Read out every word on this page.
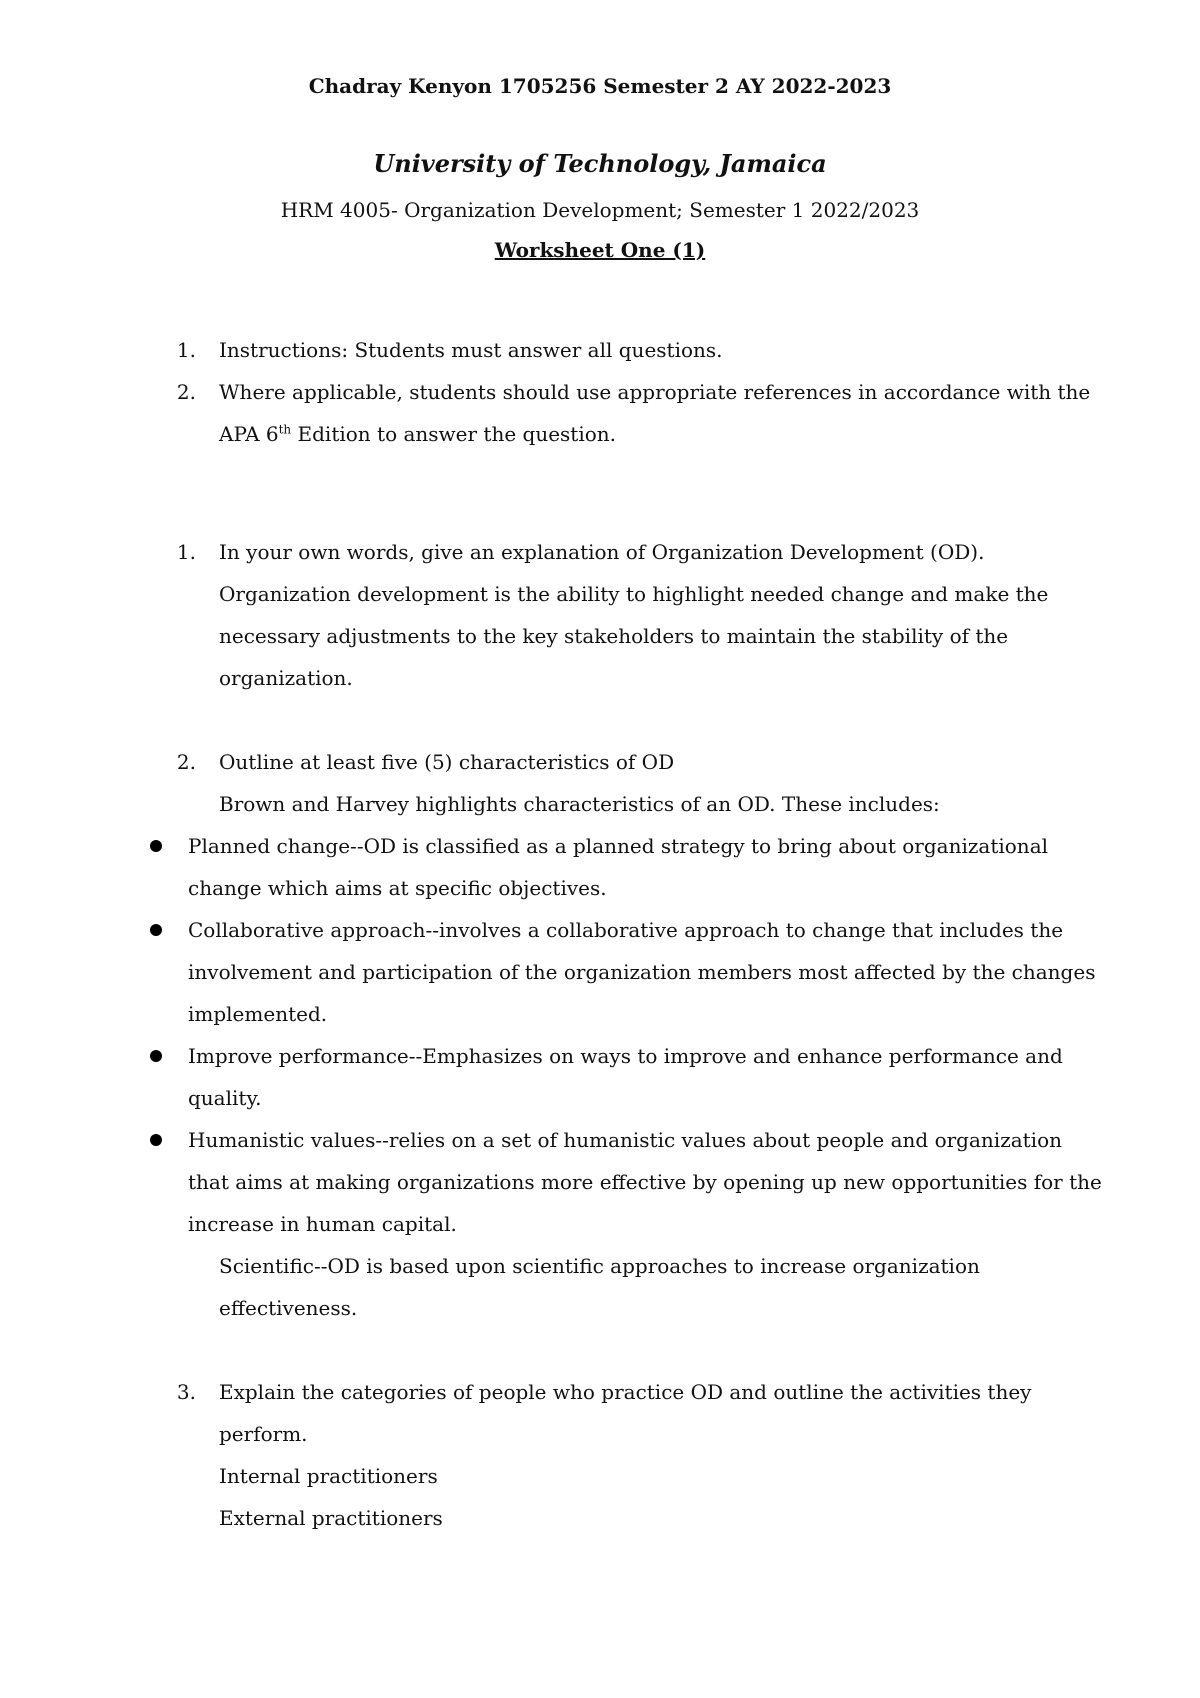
Chadray Kenyon 1705256 Semester 2 AY 2022-2023
University of Technology, Jamaica
HRM 4005- Organization Development; Semester 1 2022/2023
Worksheet One (1)
1. Instructions: Students must answer all questions.
2. Where applicable, students should use appropriate references in accordance with the
APA 6th Edition to answer the question.
1. In your own words, give an explanation of Organization Development (OD).
Organization development is the ability to highlight needed change and make the
necessary adjustments to the key stakeholders to maintain the stability of the
organization.
2. Outline at least five (5) characteristics of OD
Brown and Harvey highlights characteristics of an OD. These includes:
Planned change--OD is classified as a planned strategy to bring about organizational
change which aims at specific objectives.
Collaborative approach--involves a collaborative approach to change that includes the
involvement and participation of the organization members most affected by the changes
implemented.
Improve performance--Emphasizes on ways to improve and enhance performance and
quality.
Humanistic values--relies on a set of humanistic values about people and organization
that aims at making organizations more effective by opening up new opportunities for the
increase in human capital.
Scientific--OD is based upon scientific approaches to increase organization
effectiveness.
3. Explain the categories of people who practice OD and outline the activities they
perform.
Internal practitioners
External practitioners
